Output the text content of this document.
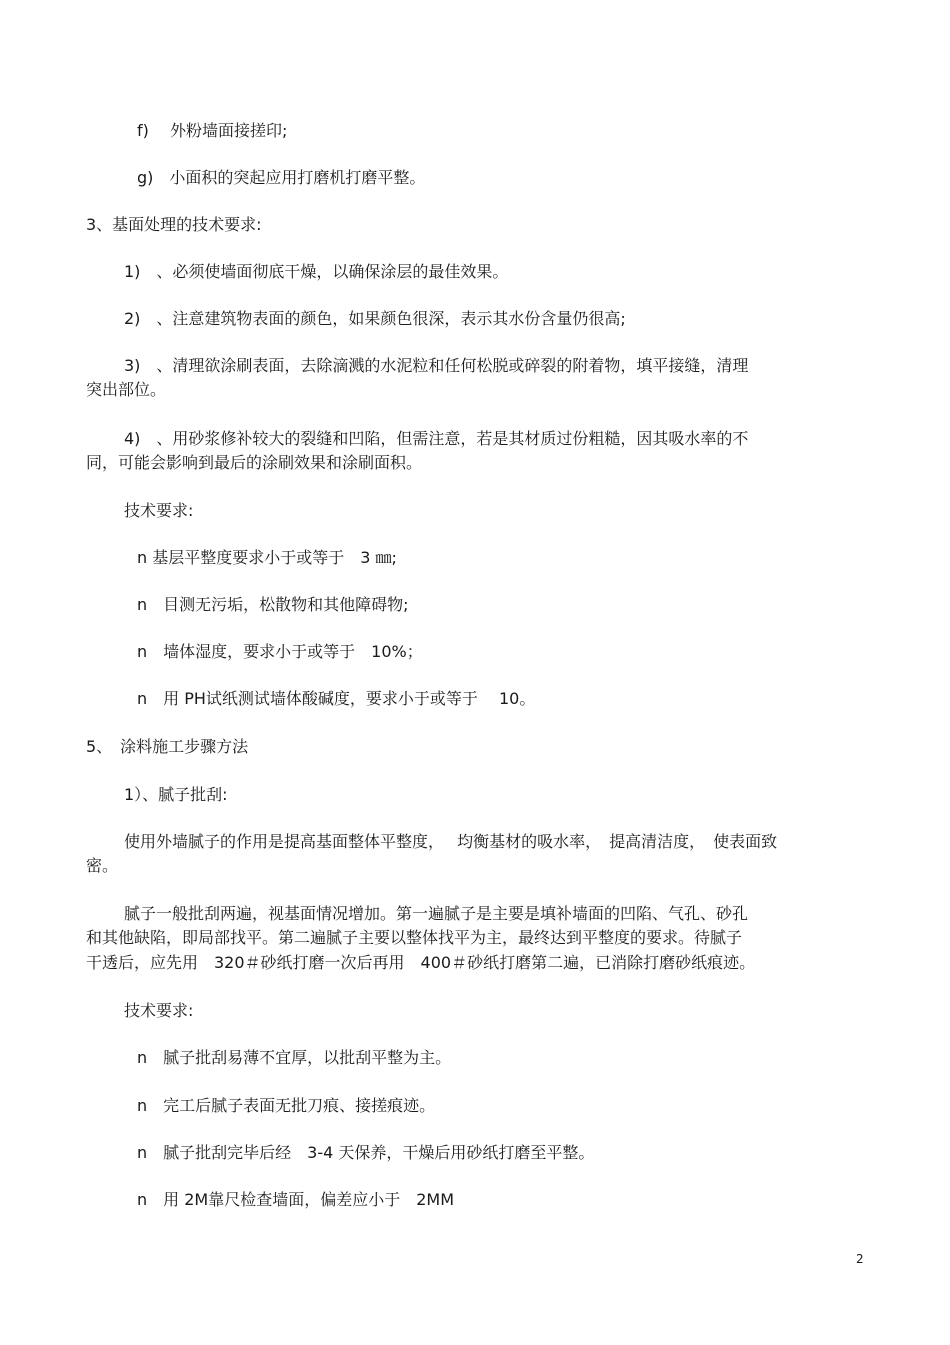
f)　 外粉墙面接搓印;

g)　小面积的突起应用打磨机打磨平整。

3、基面处理的技术要求:

1)　、必须使墙面彻底干燥，以确保涂层的最佳效果。

2)　、注意建筑物表面的颜色，如果颜色很深，表示其水份含量仍很高;

3)　、清理欲涂刷表面，去除滴溅的水泥粒和任何松脱或碎裂的附着物，填平接缝，清理

突出部位。

4)　、用砂浆修补较大的裂缝和凹陷，但需注意，若是其材质过份粗糙，因其吸水率的不

同，可能会影响到最后的涂刷效果和涂刷面积。

技术要求:

n 基层平整度要求小于或等于　3 ㎜;

n　目测无污垢，松散物和其他障碍物;

n　墙体湿度，要求小于或等于　10%；

n　用 PH试纸测试墙体酸碱度，要求小于或等于　 10。

5、　涂料施工步骤方法

1）、腻子批刮:

使用外墙腻子的作用是提高基面整体平整度，　 均衡基材的吸水率，　提高清洁度，　使表面致

密。

腻子一般批刮两遍，视基面情况增加。第一遍腻子是主要是填补墙面的凹陷、气孔、砂孔

和其他缺陷，即局部找平。第二遍腻子主要以整体找平为主，最终达到平整度的要求。待腻子

干透后，应先用　320＃砂纸打磨一次后再用　400＃砂纸打磨第二遍，已消除打磨砂纸痕迹。

技术要求:

n　腻子批刮易薄不宜厚，以批刮平整为主。

n　完工后腻子表面无批刀痕、接搓痕迹。

n　腻子批刮完毕后经　3-4 天保养，干燥后用砂纸打磨至平整。

n　用 2M靠尺检查墙面，偏差应小于　2MM

2
